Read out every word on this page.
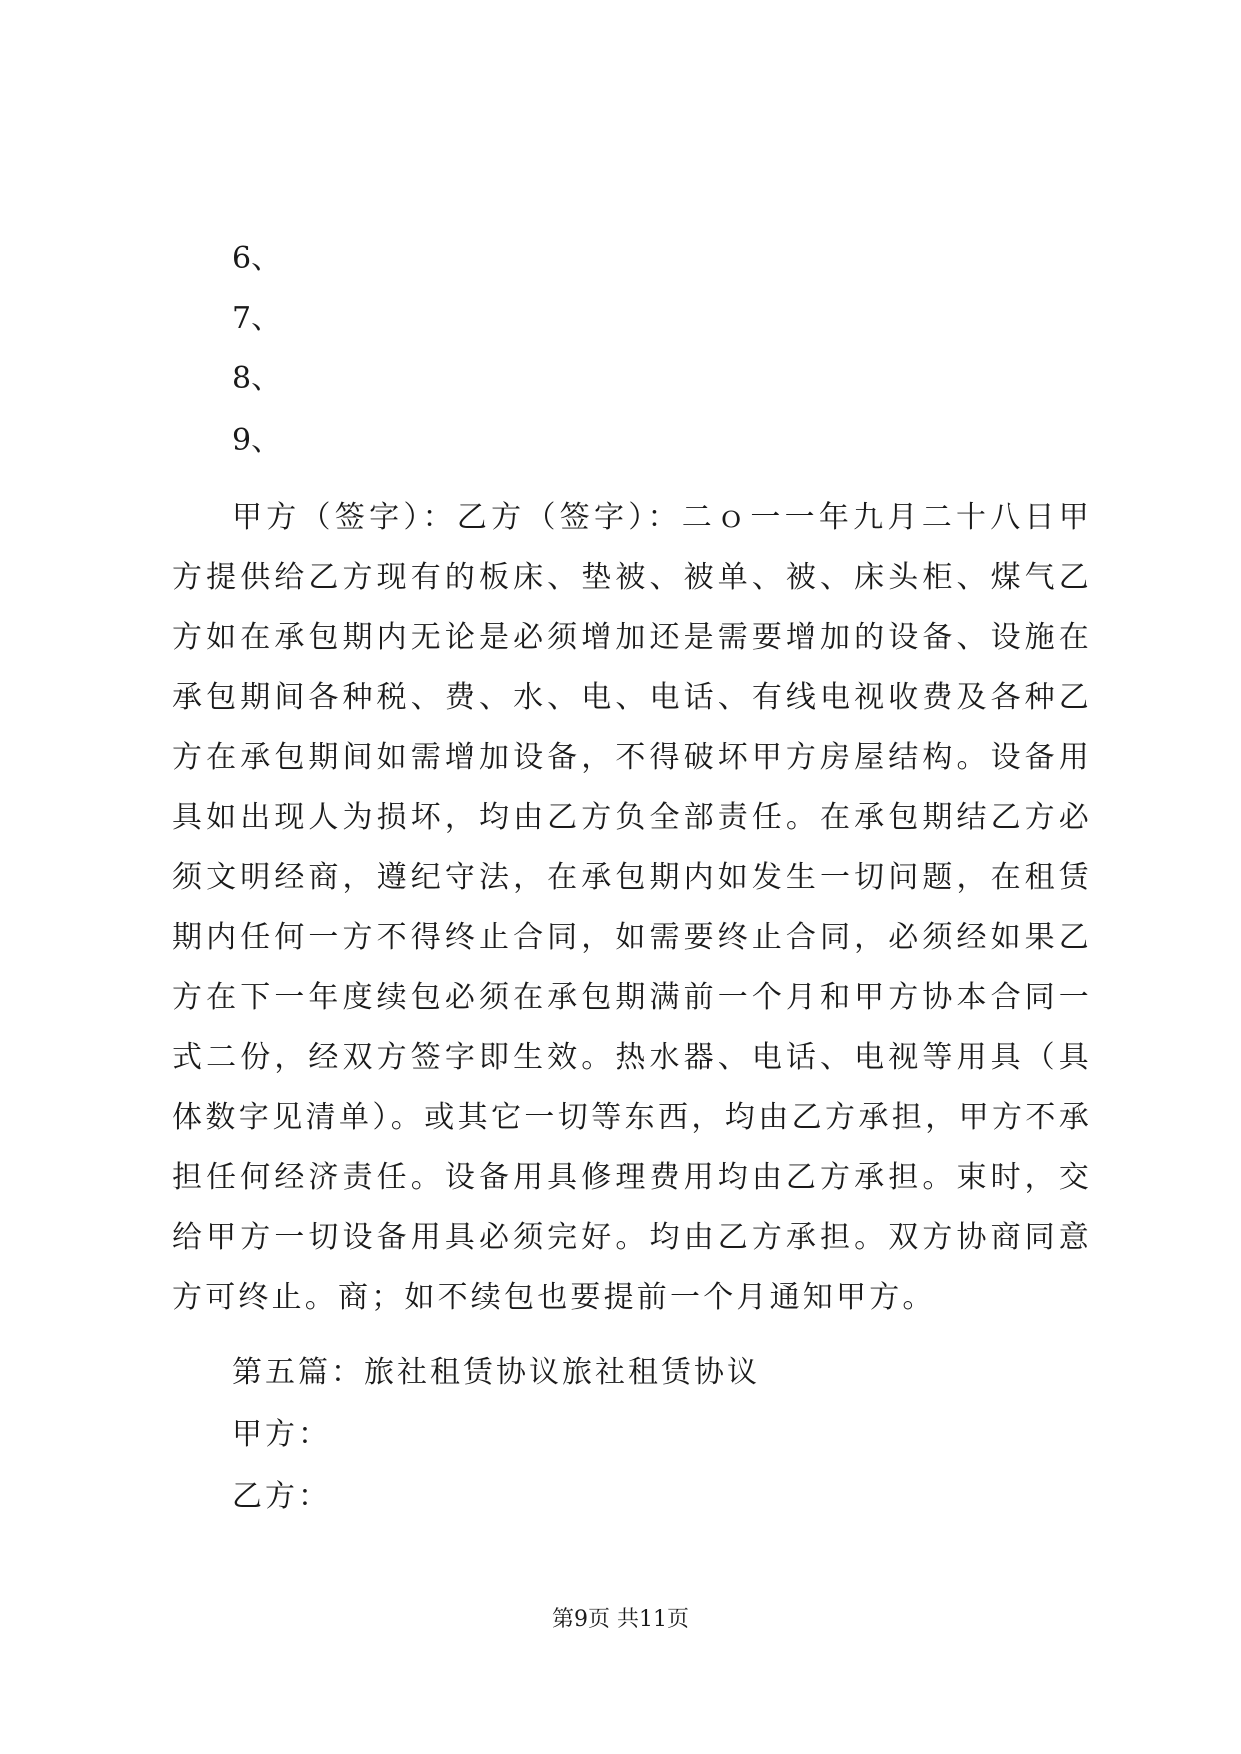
6、
7、
8、
9、

甲方（签字）：乙方（签字）：二ｏ一一年九月二十八日甲方提供给乙方现有的板床、垫被、被单、被、床头柜、煤气乙方如在承包期内无论是必须增加还是需要增加的设备、设施在承包期间各种税、费、水、电、电话、有线电视收费及各种乙方在承包期间如需增加设备，不得破坏甲方房屋结构。设备用具如出现人为损坏，均由乙方负全部责任。在承包期结乙方必须文明经商，遵纪守法，在承包期内如发生一切问题，在租赁期内任何一方不得终止合同，如需要终止合同，必须经如果乙方在下一年度续包必须在承包期满前一个月和甲方协本合同一式二份，经双方签字即生效。热水器、电话、电视等用具（具体数字见清单）。或其它一切等东西，均由乙方承担，甲方不承担任何经济责任。设备用具修理费用均由乙方承担。束时，交给甲方一切设备用具必须完好。均由乙方承担。双方协商同意方可终止。商；如不续包也要提前一个月通知甲方。

第五篇：旅社租赁协议旅社租赁协议
甲方：
乙方：
第9页 共11页
